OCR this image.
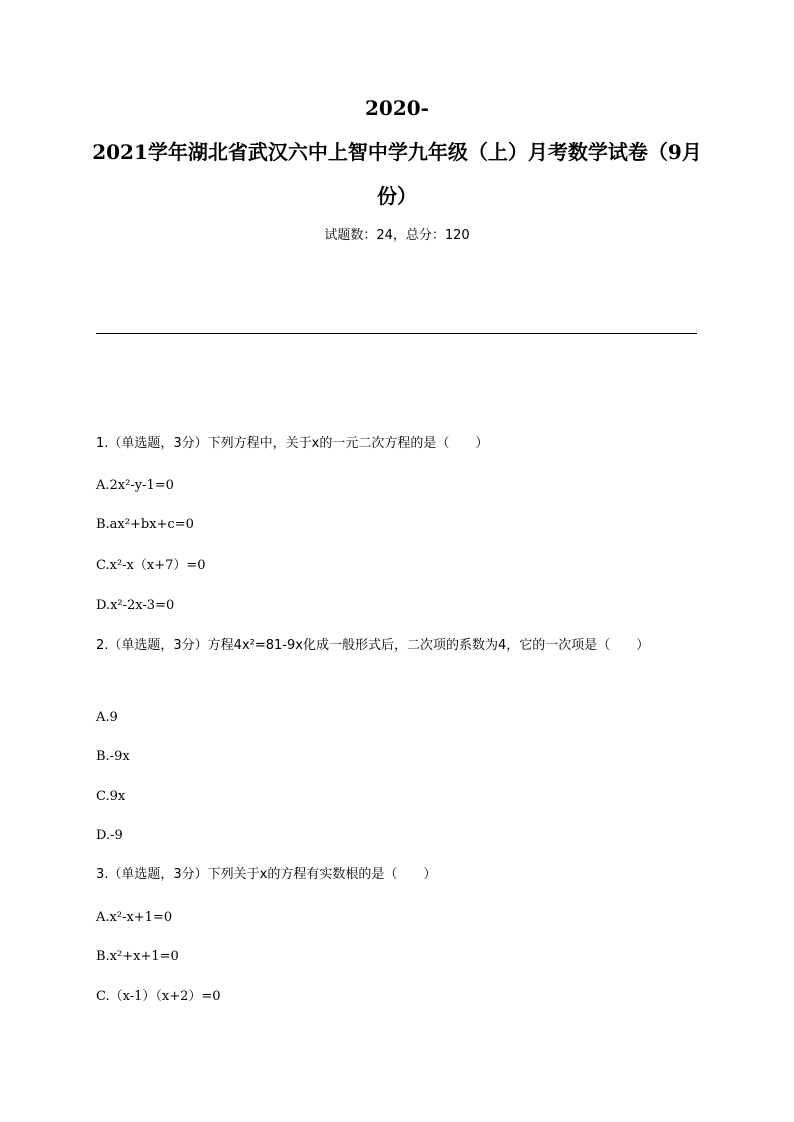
2020-
2021学年湖北省武汉六中上智中学九年级（上）月考数学试卷（9月
份）
试题数：24，总分：120
1.（单选题，3分）下列方程中，关于x的一元二次方程的是（　　）
A.2x²-y-1=0
B.ax²+bx+c=0
C.x²-x（x+7）=0
D.x²-2x-3=0
2.（单选题，3分）方程4x²=81-9x化成一般形式后，二次项的系数为4，它的一次项是（　　）
A.9
B.-9x
C.9x
D.-9
3.（单选题，3分）下列关于x的方程有实数根的是（　　）
A.x²-x+1=0
B.x²+x+1=0
C.（x-1）（x+2）=0
